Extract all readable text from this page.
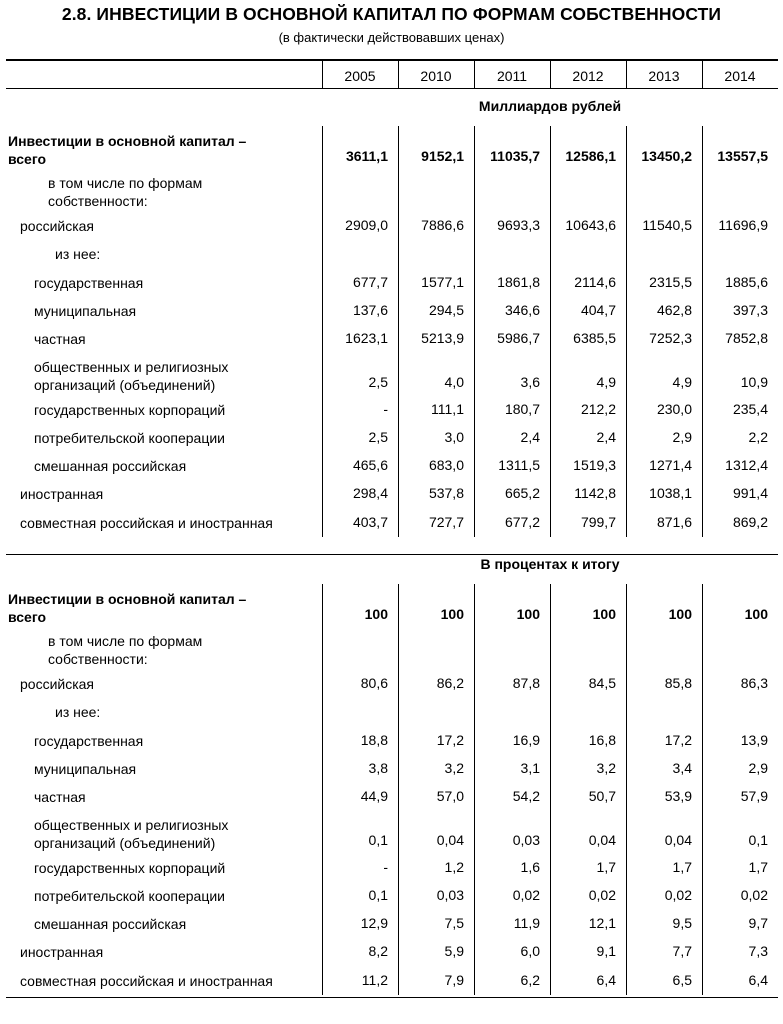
2.8. ИНВЕСТИЦИИ В ОСНОВНОЙ КАПИТАЛ ПО ФОРМАМ СОБСТВЕННОСТИ
(в фактически действовавших ценах)
2005	2010	2011	2012	2013	2014
Миллиардов рублей
Инвестиции в основной капитал –
всего	3611,1	9152,1	11035,7	12586,1	13450,2	13557,5
в том числе по формам
собственности:
российская	2909,0	7886,6	9693,3	10643,6	11540,5	11696,9
из нее:
государственная	677,7	1577,1	1861,8	2114,6	2315,5	1885,6
муниципальная	137,6	294,5	346,6	404,7	462,8	397,3
частная	1623,1	5213,9	5986,7	6385,5	7252,3	7852,8
общественных и религиозных
организаций (объединений)	2,5	4,0	3,6	4,9	4,9	10,9
государственных корпораций	-	111,1	180,7	212,2	230,0	235,4
потребительской кооперации	2,5	3,0	2,4	2,4	2,9	2,2
смешанная российская	465,6	683,0	1311,5	1519,3	1271,4	1312,4
иностранная	298,4	537,8	665,2	1142,8	1038,1	991,4
совместная российская и иностранная	403,7	727,7	677,2	799,7	871,6	869,2
В процентах к итогу
Инвестиции в основной капитал –
всего	100	100	100	100	100	100
в том числе по формам
собственности:
российская	80,6	86,2	87,8	84,5	85,8	86,3
из нее:
государственная	18,8	17,2	16,9	16,8	17,2	13,9
муниципальная	3,8	3,2	3,1	3,2	3,4	2,9
частная	44,9	57,0	54,2	50,7	53,9	57,9
общественных и религиозных
организаций (объединений)	0,1	0,04	0,03	0,04	0,04	0,1
государственных корпораций	-	1,2	1,6	1,7	1,7	1,7
потребительской кооперации	0,1	0,03	0,02	0,02	0,02	0,02
смешанная российская	12,9	7,5	11,9	12,1	9,5	9,7
иностранная	8,2	5,9	6,0	9,1	7,7	7,3
совместная российская и иностранная	11,2	7,9	6,2	6,4	6,5	6,4
